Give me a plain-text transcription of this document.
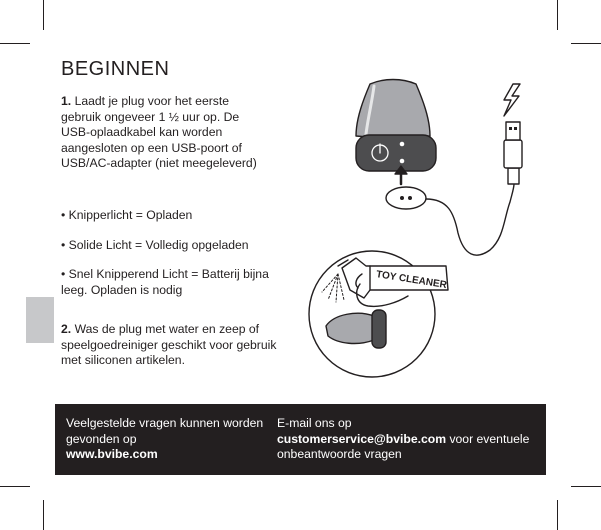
BEGINNEN

1. Laadt je plug voor het eerste gebruik ongeveer 1 ½ uur op. De USB-oplaadkabel kan worden aangesloten op een USB-poort of USB/AC-adapter (niet meegeleverd)

• Knipperlicht = Opladen

• Solide Licht = Volledig opgeladen

• Snel Knipperend Licht = Batterij bijna leeg. Opladen is nodig

2. Was de plug met water en zeep of speelgoedreiniger geschikt voor gebruik met siliconen artikelen.

TOY CLEANER
Veelgestelde vragen kunnen worden gevonden op
www.bvibe.com
E-mail ons op
customerservice@bvibe.com voor eventuele onbeantwoorde vragen
